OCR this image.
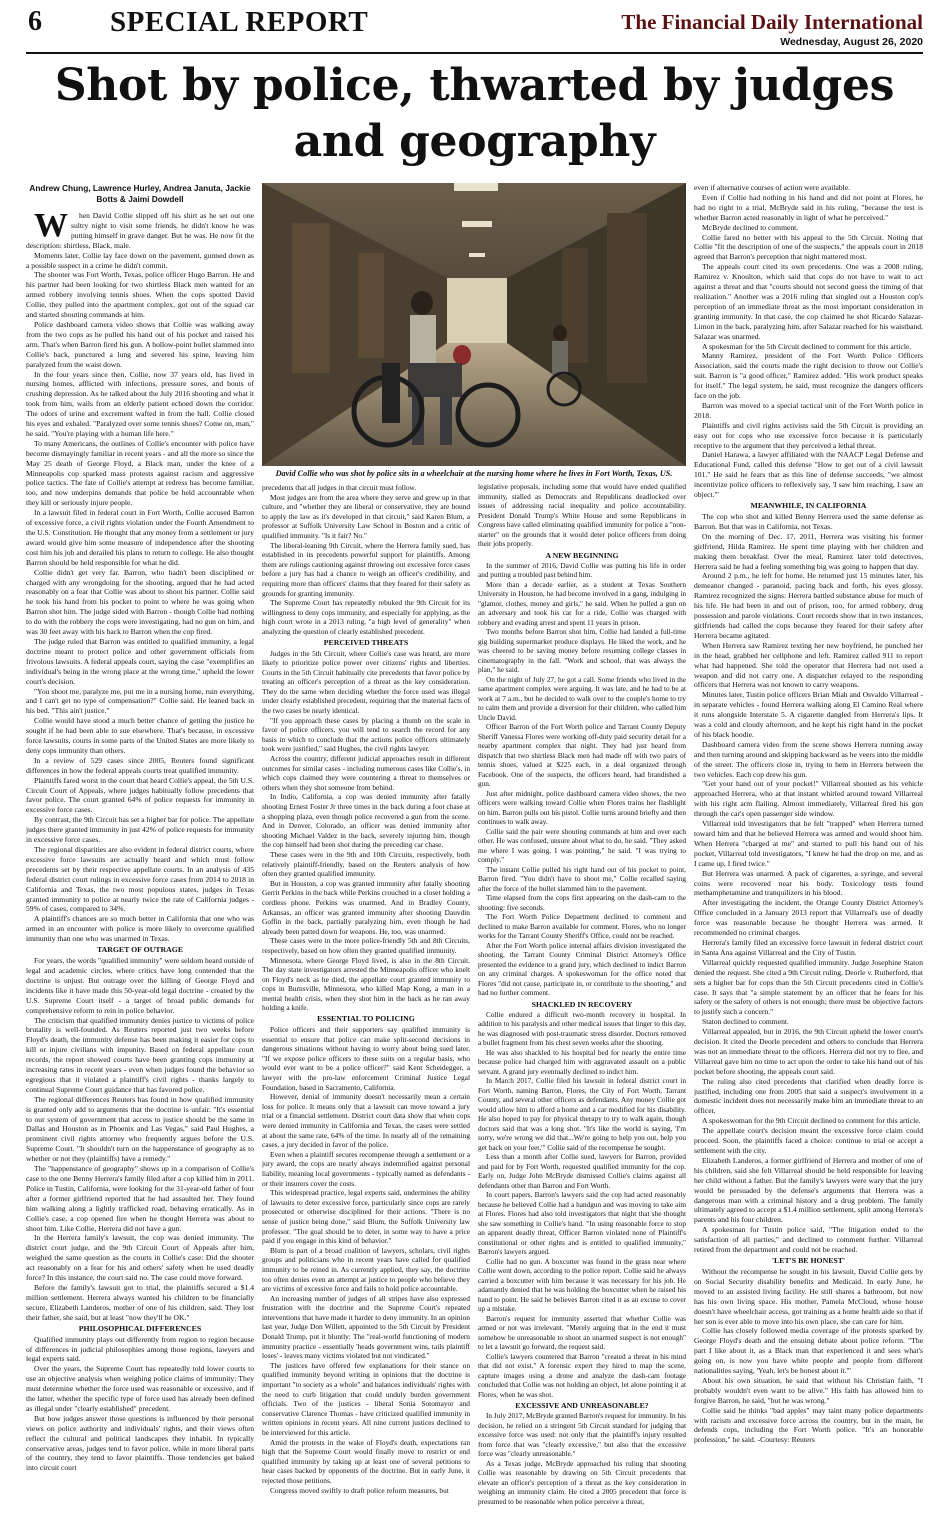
6 SPECIAL REPORT	The Financial Daily International
Wednesday, August 26, 2020
Shot by police, thwarted by judges and geography
Andrew Chung, Lawrence Hurley, Andrea Januta, Jackie Botts & Jaimi Dowdell

When David Collie slipped off his shirt as he set out one sultry night to visit some friends, he didn't know he was putting himself in grave danger. But he was. He now fit the description: shirtless, Black, male.

Moments later, Collie lay face down on the pavement, gunned down as a possible suspect in a crime he didn't commit.

The shooter was Fort Worth, Texas, police officer Hugo Barron. He and his partner had been looking for two shirtless Black men wanted for an armed robbery involving tennis shoes. When the cops spotted David Collie, they pulled into the apartment complex, got out of the squad car and started shouting commands at him.

Police dashboard camera video shows that Collie was walking away from the two cops as he pulled his hand out of his pocket and raised his arm. That's when Barron fired his gun. A hollow-point bullet slammed into Collie's back, punctured a lung and severed his spine, leaving him paralyzed from the waist down.

In the four years since then, Collie, now 37 years old, has lived in nursing homes, afflicted with infections, pressure sores, and bouts of crushing depression. As he talked about the July 2016 shooting and what it took from him, wails from an elderly patient echoed down the corridor. The odors of urine and excrement wafted in from the hall. Collie closed his eyes and exhaled. "Paralyzed over some tennis shoes? Come on, man," he said. "You're playing with a human life here."

To many Americans, the outlines of Collie's encounter with police have become dismayingly familiar in recent years - and all the more so since the May 25 death of George Floyd, a Black man, under the knee of a Minneapolis cop sparked mass protests against racism and aggressive police tactics. The fate of Collie's attempt at redress has become familiar, too, and now underpins demands that police be held accountable when they kill or seriously injure people.

In a lawsuit filed in federal court in Fort Worth, Collie accused Barron of excessive force, a civil rights violation under the Fourth Amendment to the U.S. Constitution. He thought that any money from a settlement or jury award would give him some measure of independence after the shooting cost him his job and derailed his plans to return to college. He also thought Barron should be held responsible for what he did.

Collie didn't get very far. Barron, who hadn't been disciplined or charged with any wrongdoing for the shooting, argued that he had acted reasonably on a fear that Collie was about to shoot his partner. Collie said he took his hand from his pocket to point to where he was going when Barron shot him. The judge sided with Barron - though Collie had nothing to do with the robbery the cops were investigating, had no gun on him, and was 30 feet away with his back to Barron when the cop fired.

The judge ruled that Barron was entitled to qualified immunity, a legal doctrine meant to protect police and other government officials from frivolous lawsuits. A federal appeals court, saying the case "exemplifies an individual's being in the wrong place at the wrong time," upheld the lower court's decision.

"You shoot me, paralyze me, put me in a nursing home, ruin everything, and I can't get no type of compensation?" Collie said. He leaned back in his bed. "This ain't justice."

Collie would have stood a much better chance of getting the justice he sought if he had been able to sue elsewhere. That's because, in excessive force lawsuits, courts in some parts of the United States are more likely to deny cops immunity than others.

In a review of 529 cases since 2005, Reuters found significant differences in how the federal appeals courts treat qualified immunity.

Plaintiffs fared worst in the court that heard Collie's appeal, the 5th U.S. Circuit Court of Appeals, where judges habitually follow precedents that favor police. The court granted 64% of police requests for immunity in excessive force cases.

By contrast, the 9th Circuit has set a higher bar for police. The appellate judges there granted immunity in just 42% of police requests for immunity in excessive force cases.

The regional disparities are also evident in federal district courts, where excessive force lawsuits are actually heard and which must follow precedents set by their respective appellate courts. In an analysis of 435 federal district court rulings in excessive force cases from 2014 to 2018 in California and Texas, the two most populous states, judges in Texas granted immunity to police at nearly twice the rate of California judges - 59% of cases, compared to 34%.

A plaintiff's chances are so much better in California that one who was armed in an encounter with police is more likely to overcome qualified immunity than one who was unarmed in Texas.

TARGET OF OUTRAGE

For years, the words "qualified immunity" were seldom heard outside of legal and academic circles, where critics have long contended that the doctrine is unjust. But outrage over the killing of George Floyd and incidents like it have made this 50-year-old legal doctrine - created by the U.S. Supreme Court itself - a target of broad public demands for comprehensive reform to rein in police behavior.

The criticism that qualified immunity denies justice to victims of police brutality is well-founded. As Reuters reported just two weeks before Floyd's death, the immunity defense has been making it easier for cops to kill or injure civilians with impunity. Based on federal appellate court records, the report showed courts have been granting cops immunity at increasing rates in recent years - even when judges found the behavior so egregious that it violated a plaintiff's civil rights - thanks largely to continual Supreme Court guidance that has favored police.

The regional differences Reuters has found in how qualified immunity is granted only add to arguments that the doctrine is unfair. "It's essential to our system of government that access to justice should be the same in Dallas and Houston as in Phoenix and Las Vegas," said Paul Hughes, a prominent civil rights attorney who frequently argues before the U.S. Supreme Court. "It shouldn't turn on the happenstance of geography as to whether or not they (plaintiffs) have a remedy."

The "happenstance of geography" shows up in a comparison of Collie's case to the one Benny Herrera's family filed after a cop killed him in 2011. Police in Tustin, California, were looking for the 31-year-old father of four after a former girlfriend reported that he had assaulted her. They found him walking along a lightly trafficked road, behaving erratically. As in Collie's case, a cop opened fire when he thought Herrera was about to shoot him. Like Collie, Herrera did not have a gun.

In the Herrera family's lawsuit, the cop was denied immunity. The district court judge, and the 9th Circuit Court of Appeals after him, weighed the same question as the courts in Collie's case: Did the shooter act reasonably on a fear for his and others' safety when he used deadly force? In this instance, the court said no. The case could move forward.

Before the family's lawsuit got to trial, the plaintiffs secured a $1.4 million settlement. Herrera always wanted his children to be financially secure, Elizabeth Landeros, mother of one of his children, said. They lost their father, she said, but at least "now they'll be OK."

PHILOSOPHICAL DIFFERENCES

Qualified immunity plays out differently from region to region because of differences in judicial philosophies among those regions, lawyers and legal experts said.

Over the years, the Supreme Court has repeatedly told lower courts to use an objective analysis when weighing police claims of immunity: They must determine whether the force used was reasonable or excessive, and if the latter, whether the specific type of force used has already been defined as illegal under "clearly established" precedent.

But how judges answer those questions is influenced by their personal views on police authority and individuals' rights, and their views often reflect the cultural and political landscapes they inhabit. In typically conservative areas, judges tend to favor police, while in more liberal parts of the country, they tend to favor plaintiffs. Those tendencies get baked into circuit court

David Collie who was shot by police sits in a wheelchair at the nursing home where he lives in Fort Worth, Texas, US.

precedents that all judges in that circuit must follow.

Most judges are from the area where they serve and grew up in that culture, and "whether they are liberal or conservative, they are bound to apply the law as it's developed in that circuit," said Karen Blum, a professor at Suffolk University Law School in Boston and a critic of qualified immunity. "Is it fair? No."

The liberal-leaning 9th Circuit, where the Herrera family sued, has established in its precedents powerful support for plaintiffs. Among them are rulings cautioning against throwing out excessive force cases before a jury has had a chance to weigh an officer's credibility, and requiring more than officers' claims that they feared for their safety as grounds for granting immunity.

The Supreme Court has repeatedly rebuked the 9th Circuit for its willingness to deny cops immunity, and especially for applying, as the high court wrote in a 2013 ruling, "a high level of generality" when analyzing the question of clearly established precedent.

PERCEIVED THREATS

Judges in the 5th Circuit, where Collie's case was heard, are more likely to prioritize police power over citizens' rights and liberties. Courts in the 5th Circuit habitually cite precedents that favor police by treating an officer's perception of a threat as the key consideration. They do the same when deciding whether the force used was illegal under clearly established precedent, requiring that the material facts of the two cases be nearly identical.

"If you approach these cases by placing a thumb on the scale in favor of police officers, you will tend to search the record for any basis in which to conclude that the actions police officers ultimately took were justified," said Hughes, the civil rights lawyer.

Across the country, different judicial approaches result in different outcomes for similar cases - including numerous cases like Collie's, in which cops claimed they were countering a threat to themselves or others when they shot someone from behind.

In Indio, California, a cop was denied immunity after fatally shooting Ernest Foster Jr three times in the back during a foot chase at a shopping plaza, even though police recovered a gun from the scene. And in Denver, Colorado, an officer was denied immunity after shooting Michael Valdez in the back, severely injuring him, though the cop himself had been shot during the preceding car chase.

These cases were in the 9th and 10th Circuits, respectively, both relatively plaintiff-friendly, based on the Reuters analysis of how often they granted qualified immunity.

But in Houston, a cop was granted immunity after fatally shooting Gerrit Perkins in the back while Perkins crouched in a closet holding a cordless phone. Perkins was unarmed. And in Bradley County, Arkansas, an officer was granted immunity after shooting Dauvdin Goffin in the back, partially paralyzing him, even though he had already been patted down for weapons. He, too, was unarmed.

These cases were in the more police-friendly 5th and 8th Circuits, respectively, based on how often they granted qualified immunity.

Minnesota, where George Floyd lived, is also in the 8th Circuit. The day state investigators arrested the Minneapolis officer who knelt on Floyd's neck as he died, the appellate court granted immunity to cops in Burnsville, Minnesota, who killed Map Kong, a man in a mental health crisis, when they shot him in the back as he ran away holding a knife.

ESSENTIAL TO POLICING

Police officers and their supporters say qualified immunity is essential to ensure that police can make split-second decisions in dangerous situations without having to worry about being sued later. "If we expose police officers to these suits on a regular basis, who would ever want to be a police officer?" said Kent Scheidegger, a lawyer with the pro-law enforcement Criminal Justice Legal Foundation, based in Sacramento, California.

However, denial of immunity doesn't necessarily mean a certain loss for police. It means only that a lawsuit can move toward a jury trial or a financial settlement. District court data show that when cops were denied immunity in California and Texas, the cases were settled at about the same rate, 64% of the time. In nearly all of the remaining cases, a jury decided in favor of the police.

Even when a plaintiff secures recompense through a settlement or a jury award, the cops are nearly always indemnified against personal liability, meaning local governments - typically named as defendants - or their insurers cover the costs.

This widespread practice, legal experts said, undermines the ability of lawsuits to deter excessive force, particularly since cops are rarely prosecuted or otherwise disciplined for their actions. "There is no sense of justice being done," said Blum, the Suffolk University law professor. "The goal should be to deter, in some way to have a price paid if you engage in this kind of behavior."

Blum is part of a broad coalition of lawyers, scholars, civil rights groups and politicians who in recent years have called for qualified immunity to be reined in. As currently applied, they say, the doctrine too often denies even an attempt at justice to people who believe they are victims of excessive force and fails to hold police accountable.

An increasing number of judges of all stripes have also expressed frustration with the doctrine and the Supreme Court's repeated interventions that have made it harder to deny immunity. In an opinion last year, Judge Don Willett, appointed to the 5th Circuit by President Donald Trump, put it bluntly: The "real-world functioning of modern immunity practice - essentially 'heads government wins, tails plaintiff loses' - leaves many victims violated but not vindicated."

The justices have offered few explanations for their stance on qualified immunity beyond writing in opinions that the doctrine is important "to society as a whole" and balances individuals' rights with the need to curb litigation that could unduly burden government officials. Two of the justices - liberal Sonia Sotomayor and conservative Clarence Thomas - have criticized qualified immunity in written opinions in recent years. All nine current justices declined to be interviewed for this article.

Amid the protests in the wake of Floyd's death, expectations ran high that the Supreme Court would finally move to restrict or end qualified immunity by taking up at least one of several petitions to hear cases backed by opponents of the doctrine. But in early June, it rejected those petitions.

Congress moved swiftly to draft police reform measures, but

legislative proposals, including some that would have ended qualified immunity, stalled as Democrats and Republicans deadlocked over issues of addressing racial inequality and police accountability. President Donald Trump's White House and some Republicans in Congress have called eliminating qualified immunity for police a "non-starter" on the grounds that it would deter police officers from doing their jobs properly.

A NEW BEGINNING

In the summer of 2016, David Collie was putting his life in order and putting a troubled past behind him.

More than a decade earlier, as a student at Texas Southern University in Houston, he had become involved in a gang, indulging in "glamor, clothes, money and girls," he said. When he pulled a gun on an adversary and took his car for a ride, Collie was charged with robbery and evading arrest and spent 11 years in prison.

Two months before Barron shot him, Collie had landed a full-time gig building supermarket produce displays. He liked the work, and he was cheered to be saving money before resuming college classes in cinematography in the fall. "Work and school, that was always the plan," he said.

On the night of July 27, he got a call. Some friends who lived in the same apartment complex were arguing. It was late, and he had to be at work at 7 a.m., but he decided to walk over to the couple's home to try to calm them and provide a diversion for their children, who called him Uncle David.

Officer Barron of the Fort Worth police and Tarrant County Deputy Sheriff Vanessa Flores were working off-duty paid security detail for a nearby apartment complex that night. They had just heard from dispatch that two shirtless Black men had made off with two pairs of tennis shoes, valued at $225 each, in a deal organized through Facebook. One of the suspects, the officers heard, had brandished a gun.

Just after midnight, police dashboard camera video shows, the two officers were walking toward Collie when Flores trains her flashlight on him. Barron pulls out his pistol. Collie turns around briefly and then continues to walk away.

Collie said the pair were shouting commands at him and over each other. He was confused, unsure about what to do, he said. "They asked me where I was going, I was pointing," he said. "I was trying to comply."

The instant Collie pulled his right hand out of his pocket to point, Barron fired. "You didn't have to shoot me," Collie recalled saying after the force of the bullet slammed him to the pavement.

Time elapsed from the cops first appearing on the dash-cam to the shooting: five seconds.

The Fort Worth Police Department declined to comment and declined to make Barron available for comment. Flores, who no longer works for the Tarrant County Sheriff's Office, could not be reached.

After the Fort Worth police internal affairs division investigated the shooting, the Tarrant County Criminal District Attorney's Office presented the evidence to a grand jury, which declined to indict Barron on any criminal charges. A spokeswoman for the office noted that Flores "did not cause, participate in, or contribute to the shooting," and had no further comment.

SHACKLED IN RECOVERY

Collie endured a difficult two-month recovery in hospital. In addition to his paralysis and other medical issues that linger to this day, he was diagnosed with post-traumatic stress disorder. Doctors removed a bullet fragment from his chest seven weeks after the shooting.

He was also shackled to his hospital bed for nearly the entire time because police had charged him with aggravated assault on a public servant. A grand jury eventually declined to indict him.

In March 2017, Collie filed his lawsuit in federal district court in Fort Worth, naming Barron, Flores, the City of Fort Worth, Tarrant County, and several other officers as defendants. Any money Collie got would allow him to afford a home and a car modified for his disability. He also hoped to pay for physical therapy to try to walk again, though doctors said that was a long shot. "It's like the world is saying, 'I'm sorry, we're wrong we did that...We're going to help you out, help you get back on your feet,'" Collie said of the recompense he sought.

Less than a month after Collie sued, lawyers for Barron, provided and paid for by Fort Worth, requested qualified immunity for the cop. Early on, Judge John McBryde dismissed Collie's claims against all defendants other than Barron and Fort Worth.

In court papers, Barron's lawyers said the cop had acted reasonably because he believed Collie had a handgun and was moving to take aim at Flores. Flores had also told investigators that night that she thought she saw something in Collie's hand. "In using reasonable force to stop an apparent deadly threat, Officer Barron violated none of Plaintiff's constitutional or other rights and is entitled to qualified immunity," Barron's lawyers argued.

Collie had no gun. A boxcutter was found in the grass near where Collie went down, according to the police report. Collie said he always carried a boxcutter with him because it was necessary for his job. He adamantly denied that he was holding the boxcutter when he raised his hand to point. He said he believes Barron cited it as an excuse to cover up a mistake.

Barron's request for immunity asserted that whether Collie was armed or not was irrelevant. "Merely arguing that in the end it must somehow be unreasonable to shoot an unarmed suspect is not enough" to let a lawsuit go forward, the request said.

Collie's lawyers countered that Barron "created a threat in his mind that did not exist." A forensic expert they hired to map the scene, capture images using a drone and analyze the dash-cam footage concluded that Collie was not holding an object, let alone pointing it at Flores, when he was shot.

EXCESSIVE AND UNREASONABLE?

In July 2017, McBryde granted Barron's request for immunity. In his decision, he relied on a stringent 5th Circuit standard for judging that excessive force was used: not only that the plaintiff's injury resulted from force that was "clearly excessive," but also that the excessive force was "clearly unreasonable."

As a Texas judge, McBryde approached his ruling that shooting Collie was reasonable by drawing on 5th Circuit precedents that elevate an officer's perception of a threat as the key consideration in weighing an immunity claim. He cited a 2005 precedent that force is presumed to be reasonable when police perceive a threat,

even if alternative courses of action were available.

Even if Collie had nothing in his hand and did not point at Flores, he had no right to a trial, McBryde said in his ruling, "because the test is whether Barron acted reasonably in light of what he perceived."

McBryde declined to comment.

Collie fared no better with his appeal to the 5th Circuit. Noting that Collie "fit the description of one of the suspects," the appeals court in 2018 agreed that Barron's perception that night mattered most.

The appeals court cited its own precedents. One was a 2008 ruling, Ramirez v. Knoulton, which said that cops do not have to wait to act against a threat and that "courts should not second guess the timing of that realization." Another was a 2016 ruling that singled out a Houston cop's perception of an immediate threat as the most important consideration in granting immunity. In that case, the cop claimed he shot Ricardo Salazar-Limon in the back, paralyzing him, after Salazar reached for his waistband. Salazar was unarmed.

A spokesman for the 5th Circuit declined to comment for this article.

Manny Ramirez, president of the Fort Worth Police Officers Association, said the courts made the right decision to throw out Collie's suit. Barron is "a good officer," Ramirez added. "His work product speaks for itself." The legal system, he said, must recognize the dangers officers face on the job.

Barron was moved to a special tactical unit of the Fort Worth police in 2018.

Plaintiffs and civil rights activists said the 5th Circuit is providing an easy out for cops who use excessive force because it is particularly receptive to the argument that they perceived a lethal threat.

Daniel Harawa, a lawyer affiliated with the NAACP Legal Defense and Educational Fund, called this defense "How to get out of a civil lawsuit 101." He said he fears that as this line of defense succeeds, "we almost incentivize police officers to reflexively say, 'I saw him reaching, I saw an object.'"

MEANWHILE, IN CALIFORNIA

The cop who shot and killed Benny Herrera used the same defense as Barron. But that was in California, not Texas.

On the morning of Dec. 17, 2011, Herrera was visiting his former girlfriend, Hilda Ramirez. He spent time playing with her children and making them breakfast. Over the meal, Ramirez later told detectives, Herrera said he had a feeling something big was going to happen that day.

Around 2 p.m., he left for home. He returned just 15 minutes later, his demeanor changed - paranoid, pacing back and forth, his eyes glossy. Ramirez recognized the signs: Herrera battled substance abuse for much of his life. He had been in and out of prison, too, for armed robbery, drug possession and parole violations. Court records show that in two instances, girlfriends had called the cops because they feared for their safety after Herrera became agitated.

When Herrera saw Ramirez texting her new boyfriend, he punched her in the head, grabbed her cellphone and left. Ramirez called 911 to report what had happened. She told the operator that Herrera had not used a weapon and did not carry one. A dispatcher relayed to the responding officers that Herrera was not known to carry weapons.

Minutes later, Tustin police officers Brian Miah and Osvaldo Villarreal - in separate vehicles - found Herrera walking along El Camino Real where it runs alongside Interstate 5. A cigarette dangled from Herrera's lips. It was a cold and cloudy afternoon, and he kept his right hand in the pocket of his black hoodie.

Dashboard camera video from the scene shows Herrera running away and then turning around and skipping backward as he veers into the middle of the street. The officers close in, trying to hem in Herrera between the two vehicles. Each cop drew his gun.

"Get your hand out of your pocket!" Villarreal shouted as his vehicle approached Herrera, who at that instant whirled around toward Villarreal with his right arm flailing. Almost immediately, Villarreal fired his gun through the car's open passenger side window.

Villarreal told investigators that he felt "trapped" when Herrera turned toward him and that he believed Herrera was armed and would shoot him. When Herrera "charged at me" and started to pull his hand out of his pocket, Villarreal told investigators, "I knew he had the drop on me, and as I came up, I fired twice."

But Herrera was unarmed. A pack of cigarettes, a syringe, and several coins were recovered near his body. Toxicology tests found methamphetamine and tranquilizers in his blood.

After investigating the incident, the Orange County District Attorney's Office concluded in a January 2013 report that Villarreal's use of deadly force was reasonable because he thought Herrera was armed. It recommended no criminal charges.

Herrera's family filed an excessive force lawsuit in federal district court in Santa Ana against Villarreal and the City of Tustin.

Villarreal quickly requested qualified immunity. Judge Josephine Staton denied the request. She cited a 9th Circuit ruling, Deorle v. Rutherford, that sets a higher bar for cops than the 5th Circuit precedents cited in Collie's case. It says that "a simple statement by an officer that he fears for his safety or the safety of others is not enough; there must be objective factors to justify such a concern."

Staton declined to comment.

Villarreal appealed, but in 2016, the 9th Circuit upheld the lower court's decision. It cited the Deorle precedent and others to conclude that Herrera was not an immediate threat to the officers. Herrera did not try to flee, and Villarreal gave him no time to act upon the order to take his hand out of his pocket before shooting, the appeals court said.

The ruling also cited precedents that clarified when deadly force is justified, including one from 2005 that said a suspect's involvement in a domestic incident does not necessarily make him an immediate threat to an officer.

A spokeswoman for the 9th Circuit declined to comment for this article.

The appellate court's decision meant the excessive force claim could proceed. Soon, the plaintiffs faced a choice: continue to trial or accept a settlement with the city.

Elizabeth Landeros, a former girlfriend of Herrera and mother of one of his children, said she felt Villarreal should be held responsible for leaving her child without a father. But the family's lawyers were wary that the jury would be persuaded by the defense's arguments that Herrera was a dangerous man with a criminal history and a drug problem. The family ultimately agreed to accept a $1.4 million settlement, split among Herrera's parents and his four children.

A spokesman for Tustin police said, "The litigation ended to the satisfaction of all parties," and declined to comment further. Villarreal retired from the department and could not be reached.

'LET'S BE HONEST'

Without the recompense he sought in his lawsuit, David Collie gets by on Social Security disability benefits and Medicaid. In early June, he moved to an assisted living facility. He still shares a bathroom, but now has his own living space. His mother, Pamela McCloud, whose house doesn't have wheelchair access, got training as a home health aide so that if her son is ever able to move into his own place, she can care for him.

Collie has closely followed media coverage of the protests sparked by George Floyd's death and the ensuing debate about police reform. "The part I like about it, as a Black man that experienced it and sees what's going on, is now you have white people and people from different nationalities saying, 'Yeah, let's be honest about it.'"

About his own situation, he said that without his Christian faith, "I probably wouldn't even want to be alive." His faith has allowed him to forgive Barron, he said, "but he was wrong."

Collie said he thinks "bad apples" may taint many police departments with racism and excessive force across the country, but in the main, he defends cops, including the Fort Worth police. "It's an honorable profession," he said. -Courtesy: Reuters
